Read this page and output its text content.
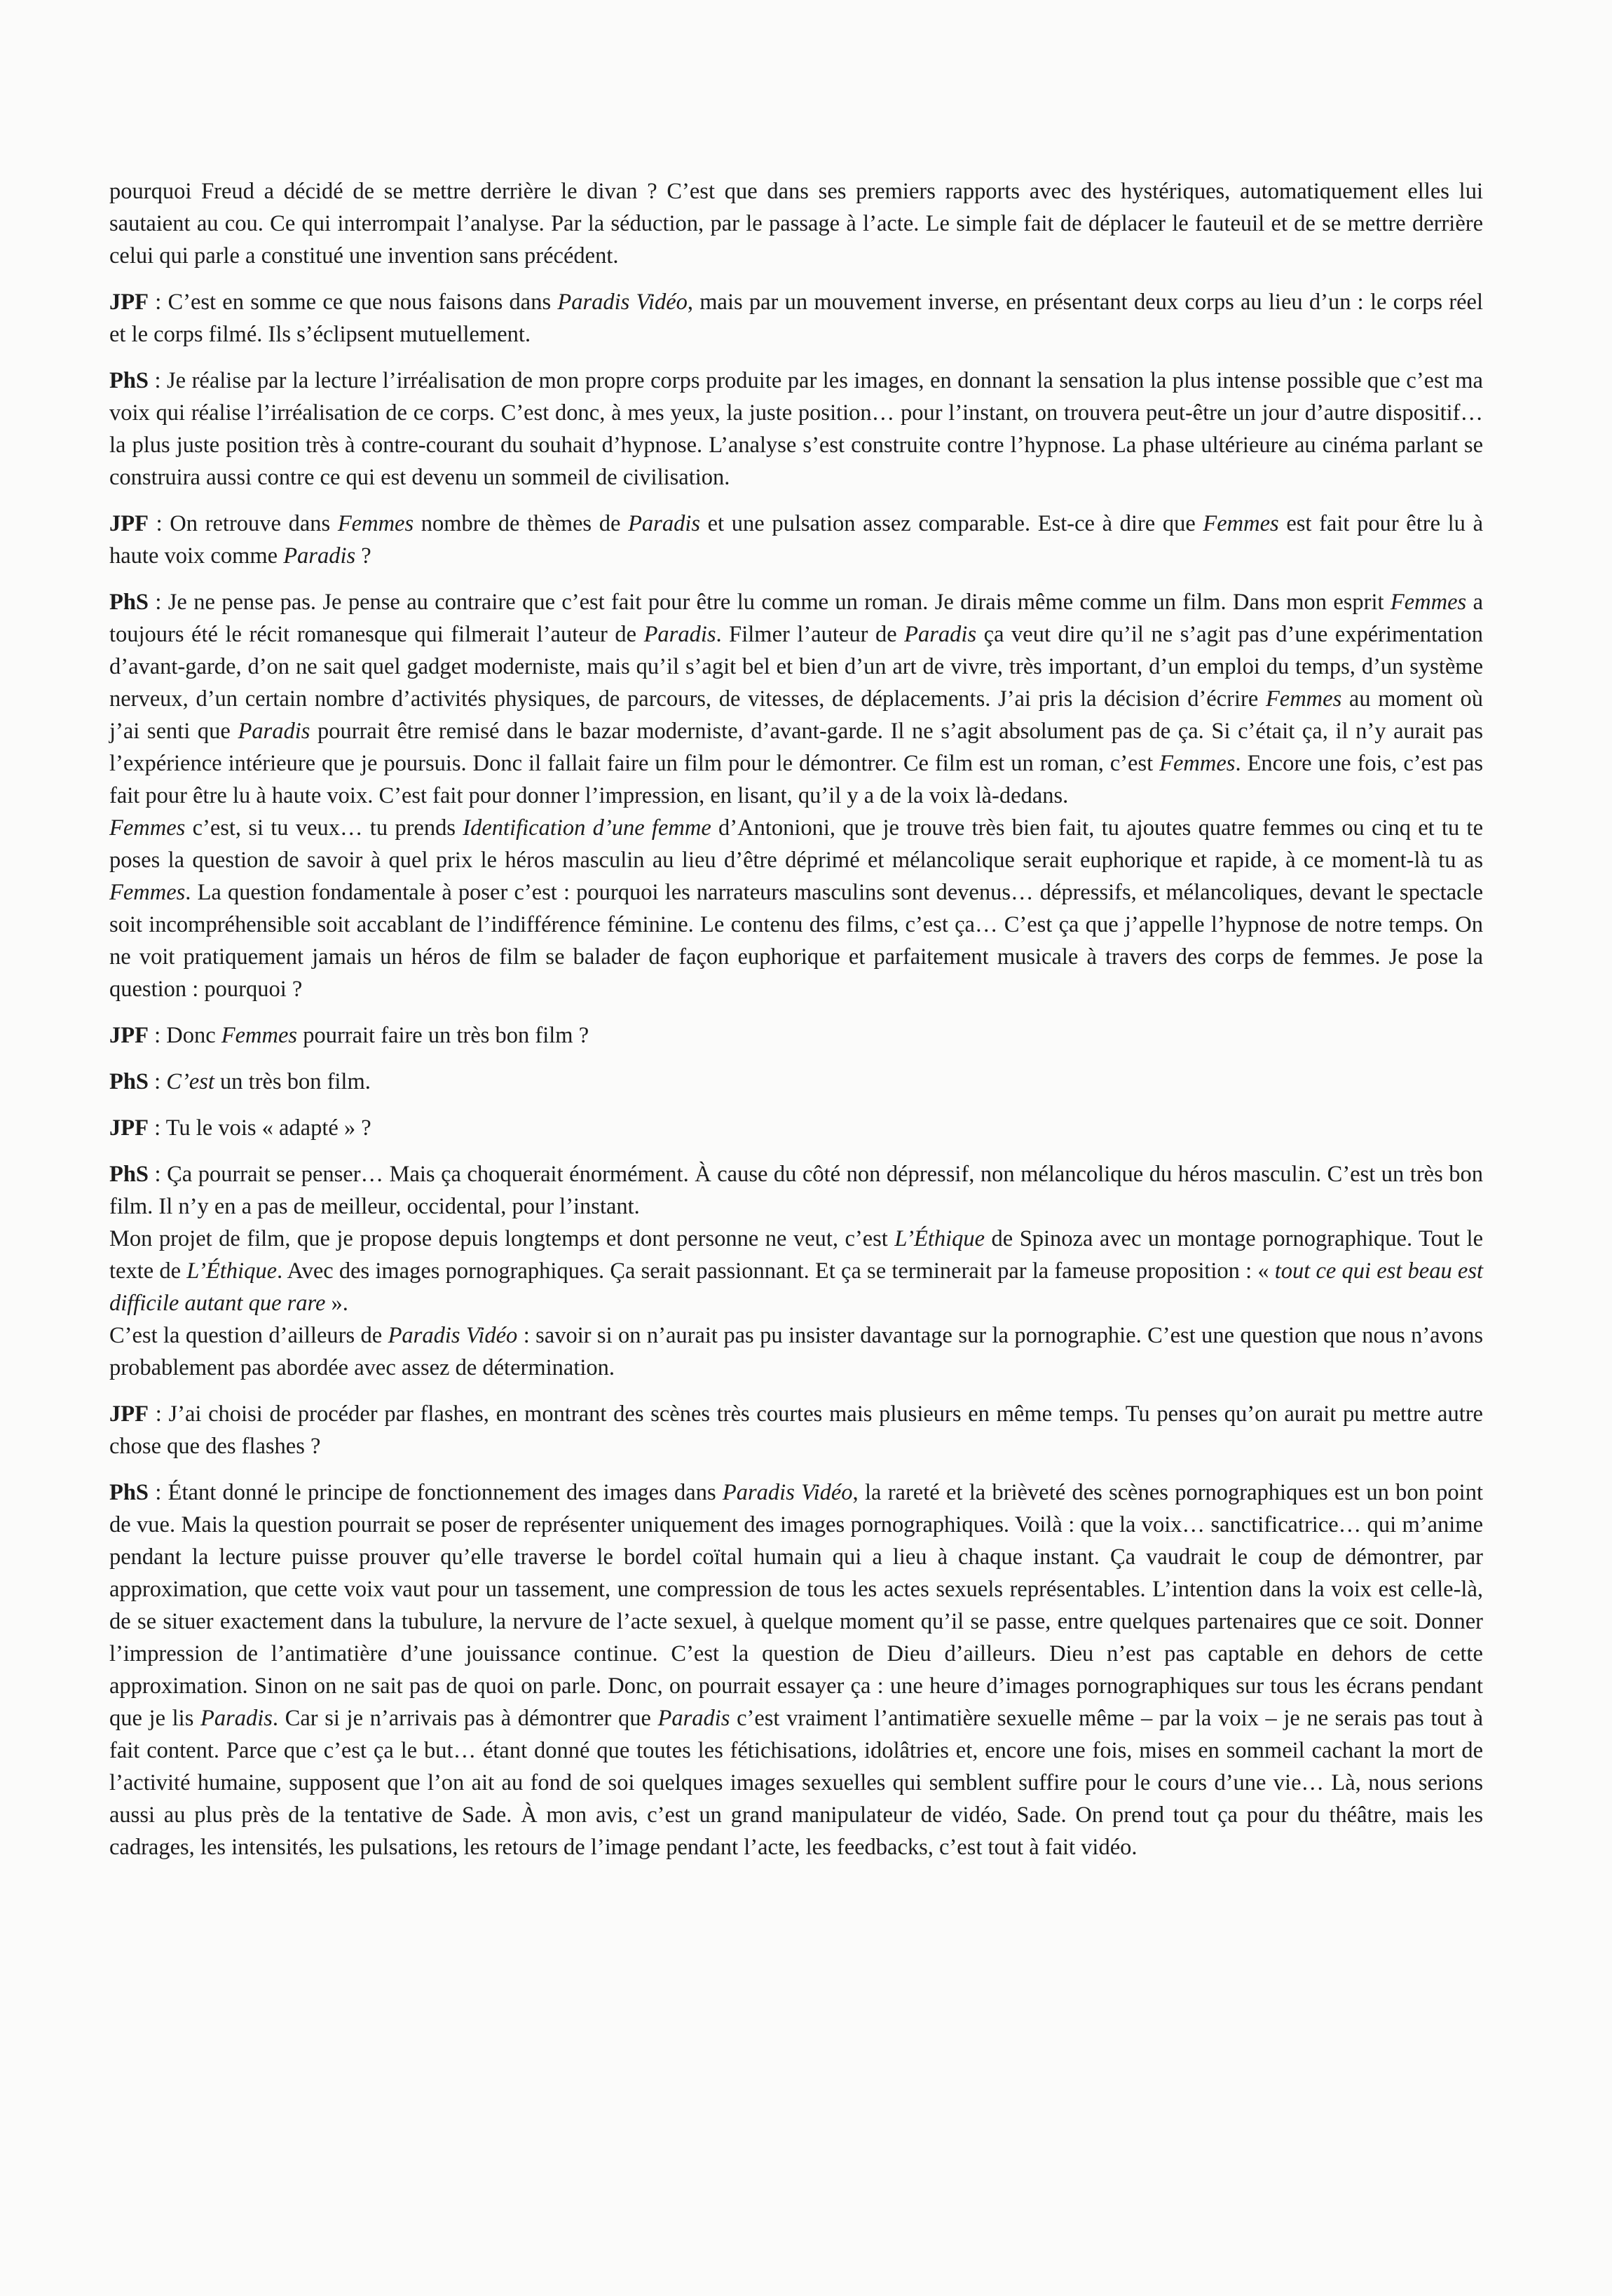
pourquoi Freud a décidé de se mettre derrière le divan ? C’est que dans ses premiers rapports avec des hystériques, automatiquement elles lui sautaient au cou. Ce qui interrompait l’analyse. Par la séduction, par le passage à l’acte. Le simple fait de déplacer le fauteuil et de se mettre derrière celui qui parle a constitué une invention sans précédent.

JPF : C’est en somme ce que nous faisons dans Paradis Vidéo, mais par un mouvement inverse, en présentant deux corps au lieu d’un : le corps réel et le corps filmé. Ils s’éclipsent mutuellement.

PhS : Je réalise par la lecture l’irréalisation de mon propre corps produite par les images, en donnant la sensation la plus intense possible que c’est ma voix qui réalise l’irréalisation de ce corps. C’est donc, à mes yeux, la juste position… pour l’instant, on trouvera peut-être un jour d’autre dispositif… la plus juste position très à contre-courant du souhait d’hypnose. L’analyse s’est construite contre l’hypnose. La phase ultérieure au cinéma parlant se construira aussi contre ce qui est devenu un sommeil de civilisation.

JPF : On retrouve dans Femmes nombre de thèmes de Paradis et une pulsation assez comparable. Est-ce à dire que Femmes est fait pour être lu à haute voix comme Paradis ?

PhS : Je ne pense pas. Je pense au contraire que c’est fait pour être lu comme un roman. Je dirais même comme un film. Dans mon esprit Femmes a toujours été le récit romanesque qui filmerait l’auteur de Paradis. Filmer l’auteur de Paradis ça veut dire qu’il ne s’agit pas d’une expérimentation d’avant-garde, d’on ne sait quel gadget moderniste, mais qu’il s’agit bel et bien d’un art de vivre, très important, d’un emploi du temps, d’un système nerveux, d’un certain nombre d’activités physiques, de parcours, de vitesses, de déplacements. J’ai pris la décision d’écrire Femmes au moment où j’ai senti que Paradis pourrait être remisé dans le bazar moderniste, d’avant-garde. Il ne s’agit absolument pas de ça. Si c’était ça, il n’y aurait pas l’expérience intérieure que je poursuis. Donc il fallait faire un film pour le démontrer. Ce film est un roman, c’est Femmes. Encore une fois, c’est pas fait pour être lu à haute voix. C’est fait pour donner l’impression, en lisant, qu’il y a de la voix là-dedans.

Femmes c’est, si tu veux… tu prends Identification d’une femme d’Antonioni, que je trouve très bien fait, tu ajoutes quatre femmes ou cinq et tu te poses la question de savoir à quel prix le héros masculin au lieu d’être déprimé et mélancolique serait euphorique et rapide, à ce moment-là tu as Femmes. La question fondamentale à poser c’est : pourquoi les narrateurs masculins sont devenus… dépressifs, et mélancoliques, devant le spectacle soit incompréhensible soit accablant de l’indifférence féminine. Le contenu des films, c’est ça… C’est ça que j’appelle l’hypnose de notre temps. On ne voit pratiquement jamais un héros de film se balader de façon euphorique et parfaitement musicale à travers des corps de femmes. Je pose la question : pourquoi ?

JPF : Donc Femmes pourrait faire un très bon film ?

PhS : C’est un très bon film.

JPF : Tu le vois « adapté » ?

PhS : Ça pourrait se penser… Mais ça choquerait énormément. À cause du côté non dépressif, non mélancolique du héros masculin. C’est un très bon film. Il n’y en a pas de meilleur, occidental, pour l’instant.

Mon projet de film, que je propose depuis longtemps et dont personne ne veut, c’est L’Éthique de Spinoza avec un montage pornographique. Tout le texte de L’Éthique. Avec des images pornographiques. Ça serait passionnant. Et ça se terminerait par la fameuse proposition : « tout ce qui est beau est difficile autant que rare ».

C’est la question d’ailleurs de Paradis Vidéo : savoir si on n’aurait pas pu insister davantage sur la pornographie. C’est une question que nous n’avons probablement pas abordée avec assez de détermination.

JPF : J’ai choisi de procéder par flashes, en montrant des scènes très courtes mais plusieurs en même temps. Tu penses qu’on aurait pu mettre autre chose que des flashes ?

PhS : Étant donné le principe de fonctionnement des images dans Paradis Vidéo, la rareté et la brièveté des scènes pornographiques est un bon point de vue. Mais la question pourrait se poser de représenter uniquement des images pornographiques. Voilà : que la voix… sanctificatrice… qui m’anime pendant la lecture puisse prouver qu’elle traverse le bordel coïtal humain qui a lieu à chaque instant. Ça vaudrait le coup de démontrer, par approximation, que cette voix vaut pour un tassement, une compression de tous les actes sexuels représentables. L’intention dans la voix est celle-là, de se situer exactement dans la tubulure, la nervure de l’acte sexuel, à quelque moment qu’il se passe, entre quelques partenaires que ce soit. Donner l’impression de l’antimatière d’une jouissance continue. C’est la question de Dieu d’ailleurs. Dieu n’est pas captable en dehors de cette approximation. Sinon on ne sait pas de quoi on parle. Donc, on pourrait essayer ça : une heure d’images pornographiques sur tous les écrans pendant que je lis Paradis. Car si je n’arrivais pas à démontrer que Paradis c’est vraiment l’antimatière sexuelle même – par la voix – je ne serais pas tout à fait content. Parce que c’est ça le but… étant donné que toutes les fétichisations, idolâtries et, encore une fois, mises en sommeil cachant la mort de l’activité humaine, supposent que l’on ait au fond de soi quelques images sexuelles qui semblent suffire pour le cours d’une vie… Là, nous serions aussi au plus près de la tentative de Sade. À mon avis, c’est un grand manipulateur de vidéo, Sade. On prend tout ça pour du théâtre, mais les cadrages, les intensités, les pulsations, les retours de l’image pendant l’acte, les feedbacks, c’est tout à fait vidéo.
